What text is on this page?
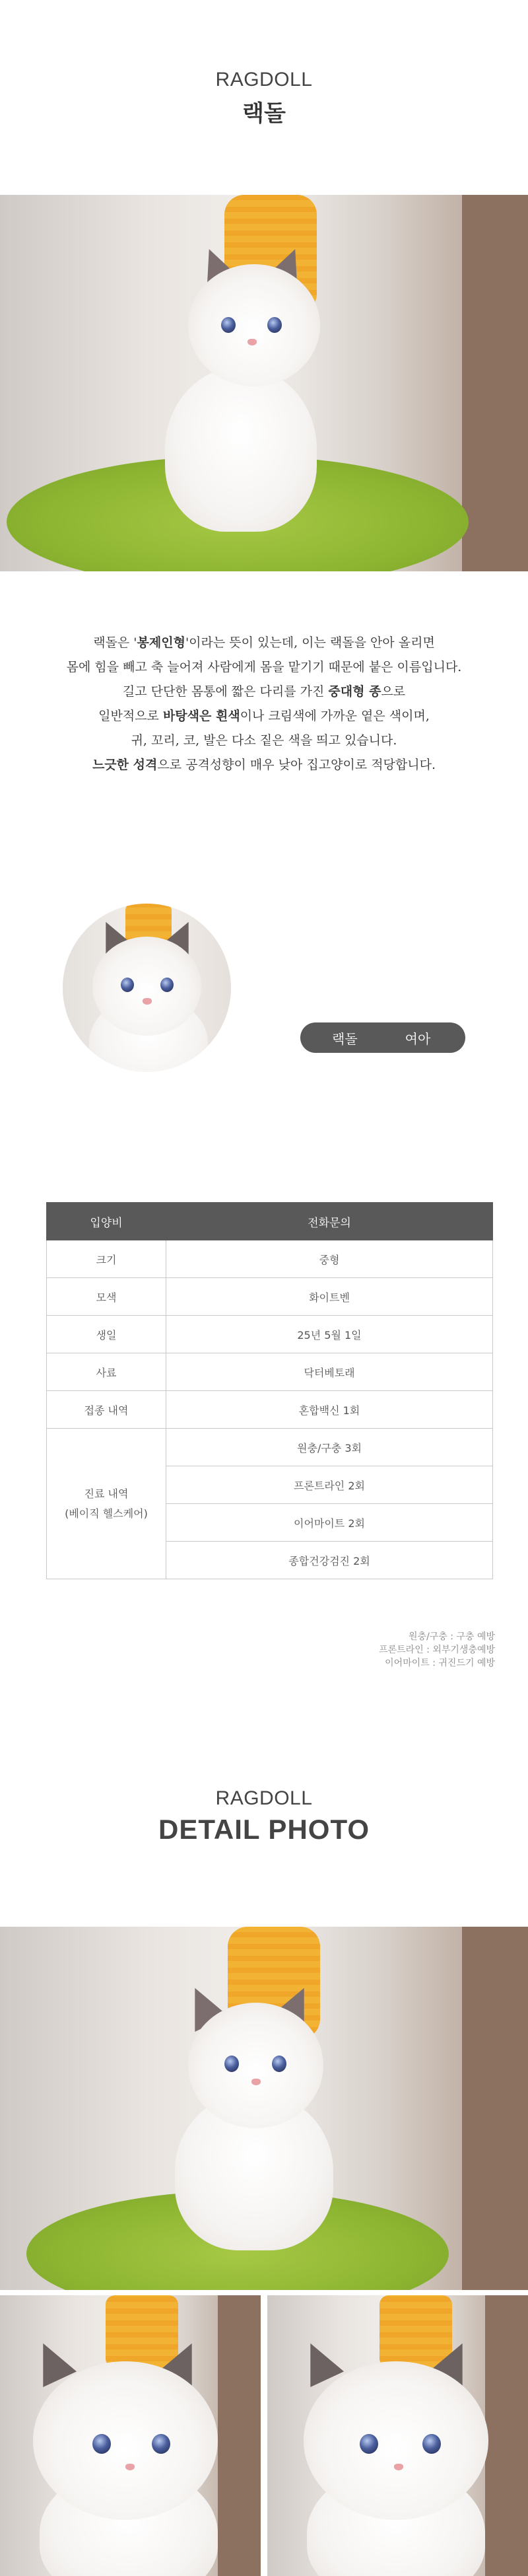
RAGDOLL
랙돌
랙돌은 '봉제인형'이라는 뜻이 있는데, 이는 랙돌을 안아 올리면
몸에 힘을 빼고 축 늘어져 사람에게 몸을 맡기기 때문에 붙은 이름입니다.
길고 단단한 몸통에 짧은 다리를 가진 중대형 종으로
일반적으로 바탕색은 흰색이나 크림색에 가까운 옅은 색이며,
귀, 꼬리, 코, 발은 다소 짙은 색을 띄고 있습니다.
느긋한 성격으로 공격성향이 매우 낮아 집고양이로 적당합니다.
랙돌	여아
입양비	전화문의
크기	중형
모색	화이트벤
생일	25년 5월 1일
사료	닥터베토래
접종 내역	혼합백신 1회

진료 내역
(베이직 헬스케어)	원충/구충 3회
	프론트라인 2회
	이어마이트 2회
	종합건강검진 2회
원충/구충 : 구충 예방
프론트라인 : 외부기생충예방
이어마이트 : 귀진드기 예방
RAGDOLL
DETAIL PHOTO
